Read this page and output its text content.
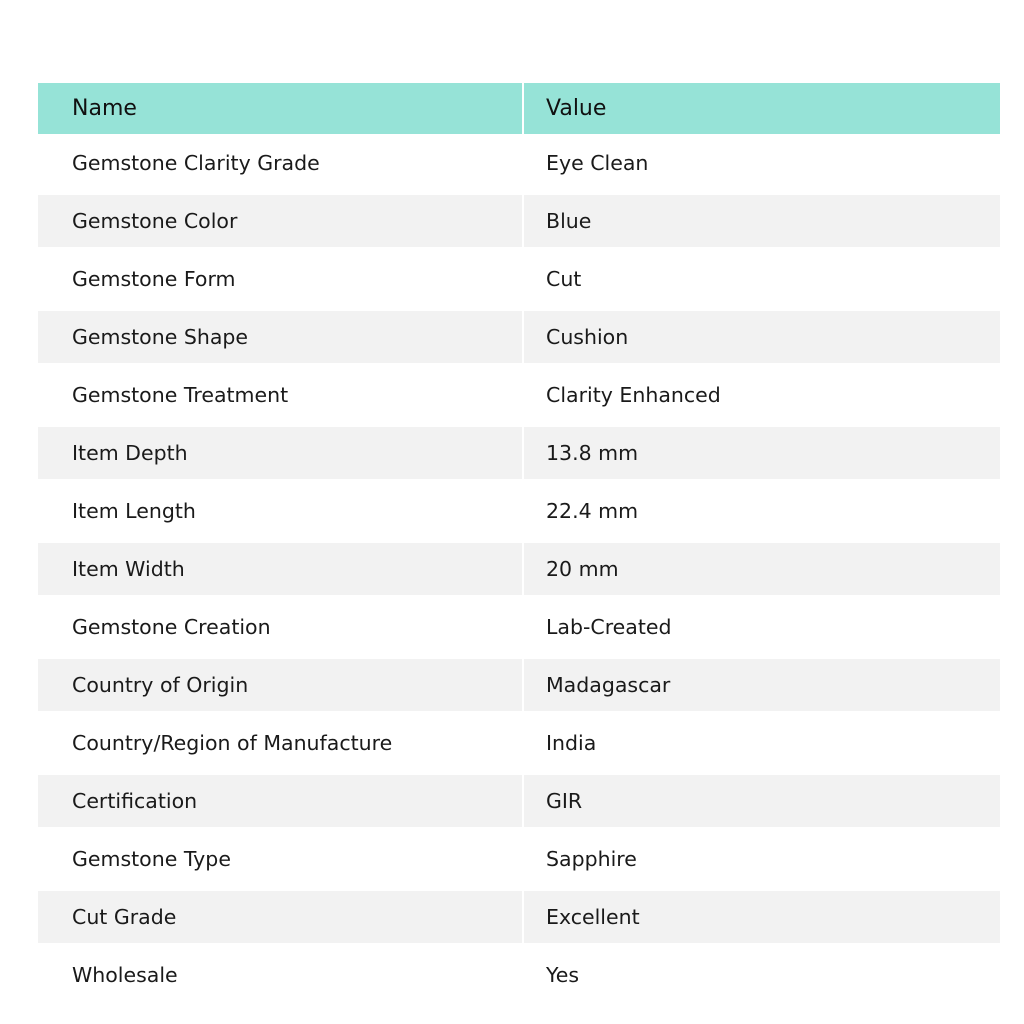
Name	Value
Gemstone Clarity Grade	Eye Clean
Gemstone Color	Blue
Gemstone Form	Cut
Gemstone Shape	Cushion
Gemstone Treatment	Clarity Enhanced
Item Depth	13.8 mm
Item Length	22.4 mm
Item Width	20 mm
Gemstone Creation	Lab-Created
Country of Origin	Madagascar
Country/Region of Manufacture	India
Certification	GIR
Gemstone Type	Sapphire
Cut Grade	Excellent
Wholesale	Yes
